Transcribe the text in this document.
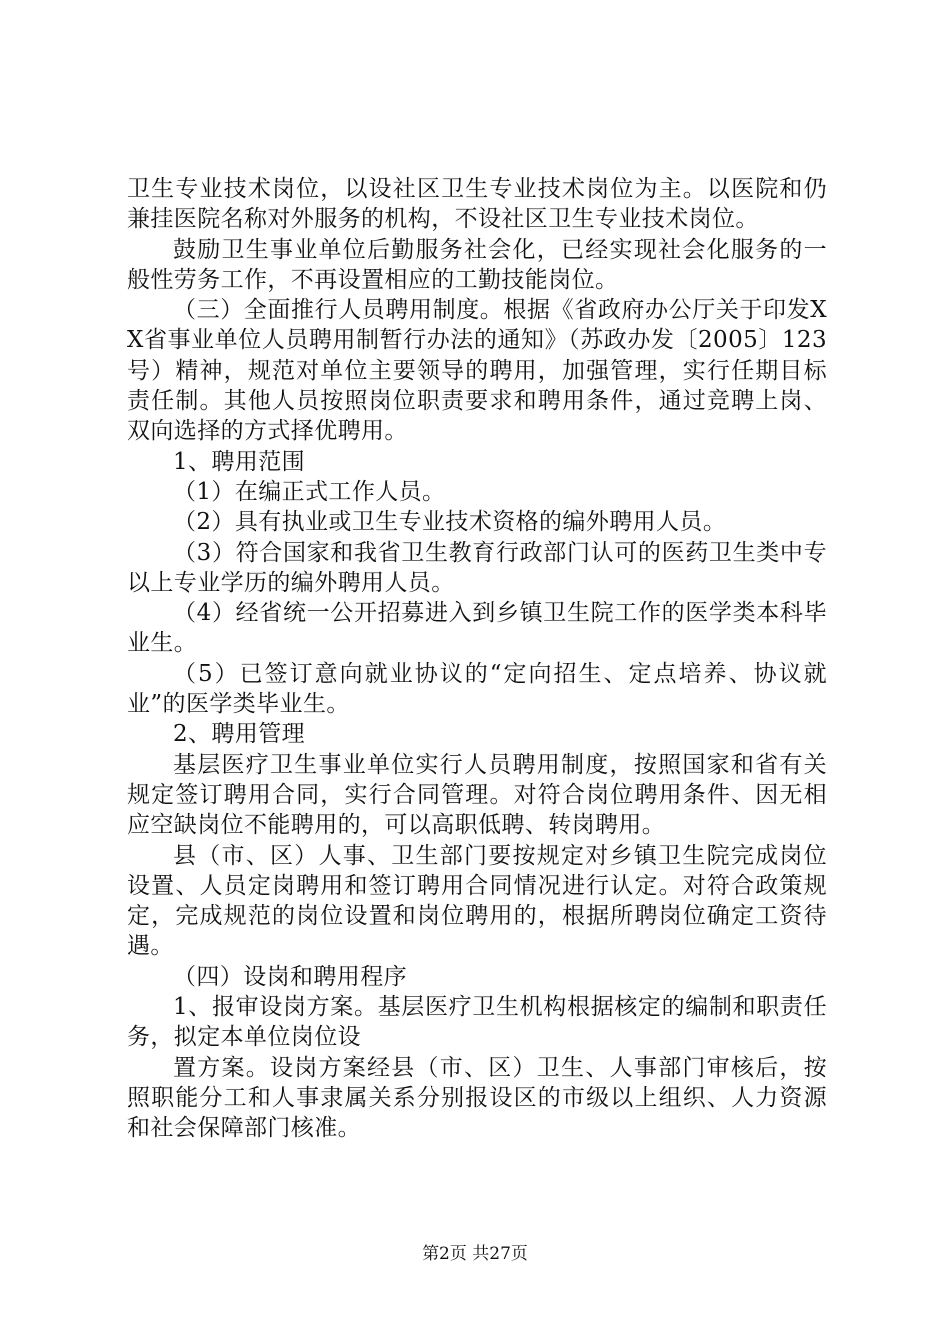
卫生专业技术岗位，以设社区卫生专业技术岗位为主。以医院和仍兼挂医院名称对外服务的机构，不设社区卫生专业技术岗位。

鼓励卫生事业单位后勤服务社会化，已经实现社会化服务的一般性劳务工作，不再设置相应的工勤技能岗位。

（三）全面推行人员聘用制度。根据《省政府办公厅关于印发XX省事业单位人员聘用制暂行办法的通知》（苏政办发〔2005〕123号）精神，规范对单位主要领导的聘用，加强管理，实行任期目标责任制。其他人员按照岗位职责要求和聘用条件，通过竞聘上岗、双向选择的方式择优聘用。

1、聘用范围

（1）在编正式工作人员。

（2）具有执业或卫生专业技术资格的编外聘用人员。

（3）符合国家和我省卫生教育行政部门认可的医药卫生类中专以上专业学历的编外聘用人员。

（4）经省统一公开招募进入到乡镇卫生院工作的医学类本科毕业生。

（5）已签订意向就业协议的“定向招生、定点培养、协议就业”的医学类毕业生。

2、聘用管理

基层医疗卫生事业单位实行人员聘用制度，按照国家和省有关规定签订聘用合同，实行合同管理。对符合岗位聘用条件、因无相应空缺岗位不能聘用的，可以高职低聘、转岗聘用。

县（市、区）人事、卫生部门要按规定对乡镇卫生院完成岗位设置、人员定岗聘用和签订聘用合同情况进行认定。对符合政策规定，完成规范的岗位设置和岗位聘用的，根据所聘岗位确定工资待遇。

（四）设岗和聘用程序

1、报审设岗方案。基层医疗卫生机构根据核定的编制和职责任务，拟定本单位岗位设

置方案。设岗方案经县（市、区）卫生、人事部门审核后，按照职能分工和人事隶属关系分别报设区的市级以上组织、人力资源和社会保障部门核准。

第2页 共27页
